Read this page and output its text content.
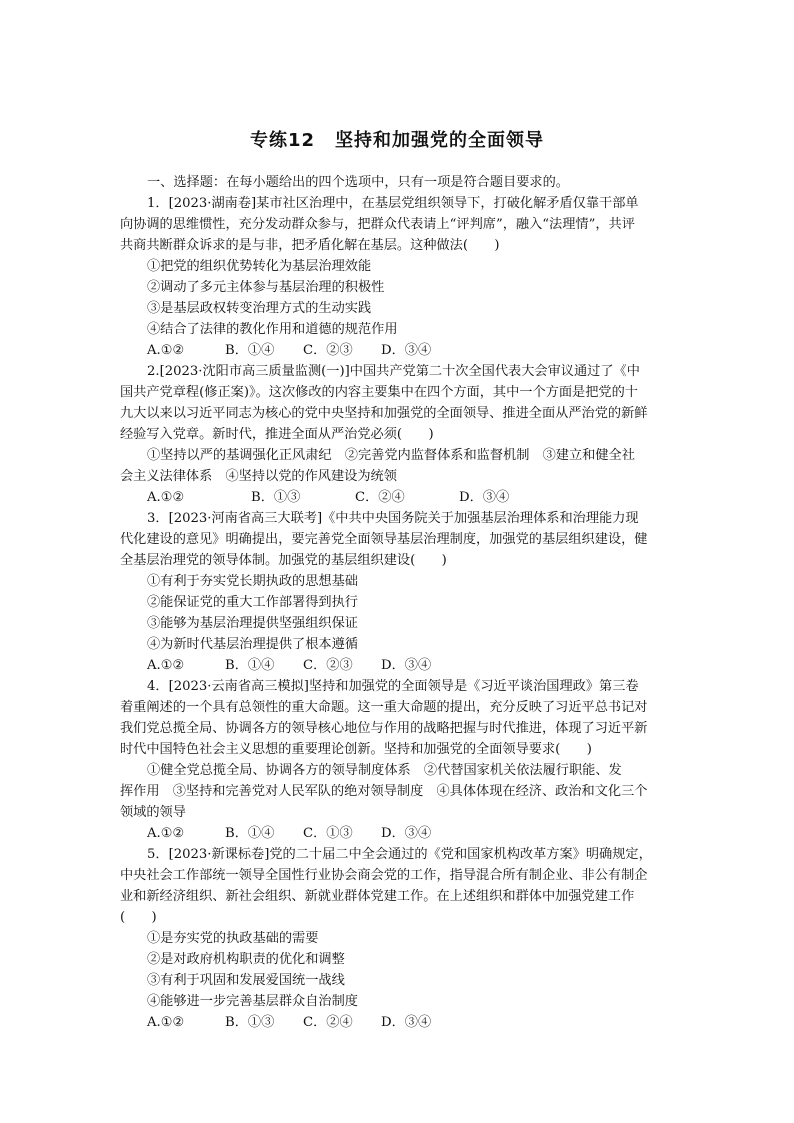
专练12 坚持和加强党的全面领导
一、选择题：在每小题给出的四个选项中，只有一项是符合题目要求的。
1．[2023·湖南卷]某市社区治理中，在基层党组织领导下，打破化解矛盾仅靠干部单
向协调的思维惯性，充分发动群众参与，把群众代表请上“评判席”，融入“法理情”，共评
共商共断群众诉求的是与非，把矛盾化解在基层。这种做法(　　)
①把党的组织优势转化为基层治理效能
②调动了多元主体参与基层治理的积极性
③是基层政权转变治理方式的生动实践
④结合了法律的教化作用和道德的规范作用
A.①②	B．①④ C．②③ D．③④
2.[2023·沈阳市高三质量监测(一)]中国共产党第二十次全国代表大会审议通过了《中
国共产党章程(修正案)》。这次修改的内容主要集中在四个方面，其中一个方面是把党的十
九大以来以习近平同志为核心的党中央坚持和加强党的全面领导、推进全面从严治党的新鲜
经验写入党章。新时代，推进全面从严治党必须(　　)
①坚持以严的基调强化正风肃纪　②完善党内监督体系和监督机制　③建立和健全社
会主义法律体系　④坚持以党的作风建设为统领
A.①②	B．①③	C．②④	D．③④
3．[2023·河南省高三大联考]《中共中央国务院关于加强基层治理体系和治理能力现
代化建设的意见》明确提出，要完善党全面领导基层治理制度，加强党的基层组织建设，健
全基层治理党的领导体制。加强党的基层组织建设(　　)
①有利于夯实党长期执政的思想基础
②能保证党的重大工作部署得到执行
③能够为基层治理提供坚强组织保证
④为新时代基层治理提供了根本遵循
A.①②	B．①④ C．②③ D．③④
4．[2023·云南省高三模拟]坚持和加强党的全面领导是《习近平谈治国理政》第三卷
着重阐述的一个具有总领性的重大命题。这一重大命题的提出，充分反映了习近平总书记对
我们党总揽全局、协调各方的领导核心地位与作用的战略把握与时代推进，体现了习近平新
时代中国特色社会主义思想的重要理论创新。坚持和加强党的全面领导要求(　　)
①健全党总揽全局、协调各方的领导制度体系　②代替国家机关依法履行职能、发
挥作用　③坚持和完善党对人民军队的绝对领导制度　④具体体现在经济、政治和文化三个
领域的领导
A.①②	B．①④ C．①③ D．③④
5．[2023·新课标卷]党的二十届二中全会通过的《党和国家机构改革方案》明确规定，
中央社会工作部统一领导全国性行业协会商会党的工作，指导混合所有制企业、非公有制企
业和新经济组织、新社会组织、新就业群体党建工作。在上述组织和群体中加强党建工作
(　　)
①是夯实党的执政基础的需要
②是对政府机构职责的优化和调整
③有利于巩固和发展爱国统一战线
④能够进一步完善基层群众自治制度
A.①②	B．①③ C．②④ D．③④
